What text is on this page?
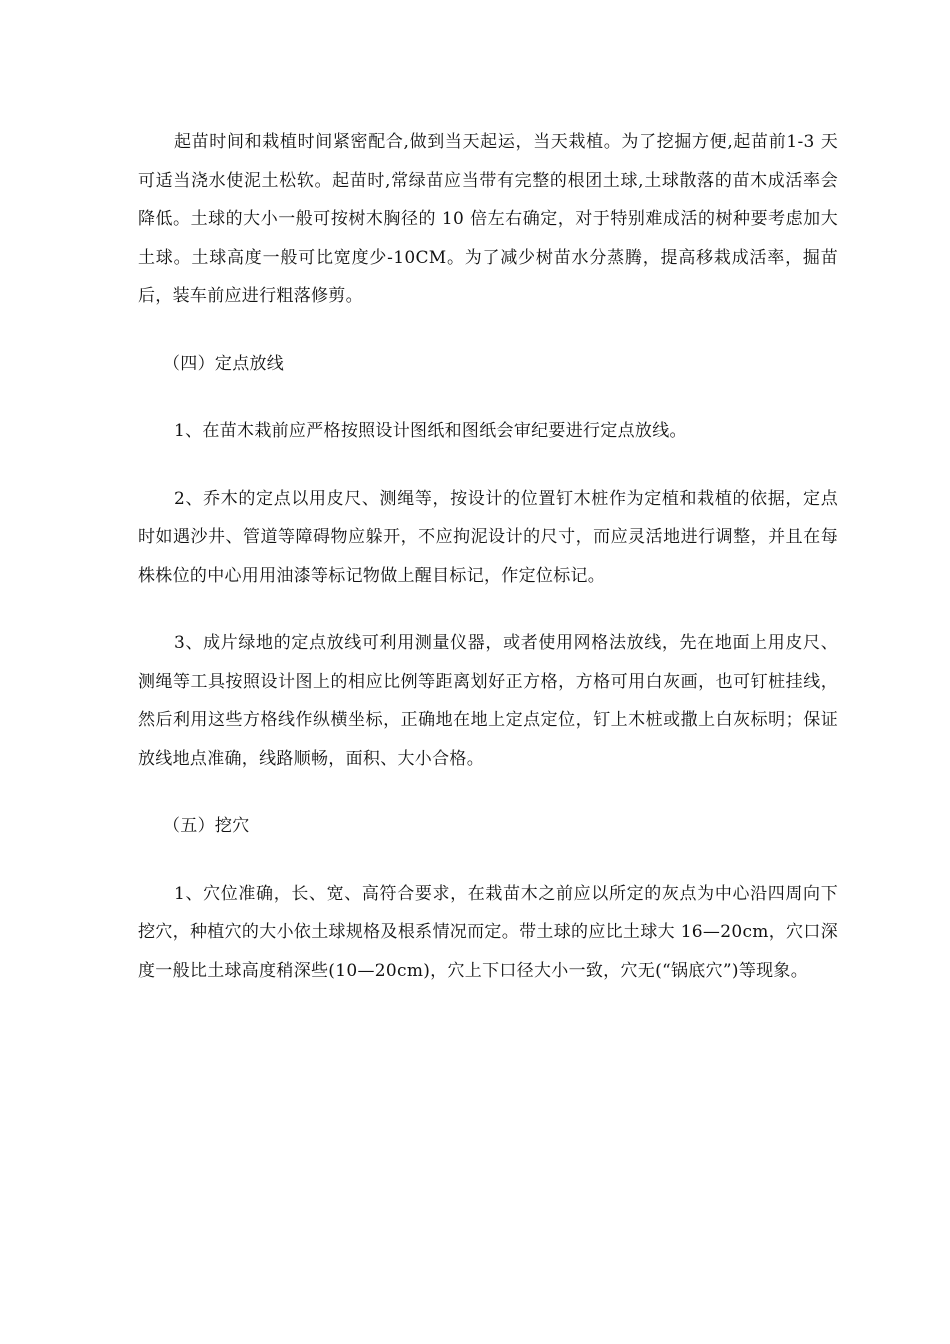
起苗时间和栽植时间紧密配合,做到当天起运，当天栽植。为了挖掘方便,起苗前1-3 天可适当浇水使泥土松软。起苗时,常绿苗应当带有完整的根团土球,土球散落的苗木成活率会降低。土球的大小一般可按树木胸径的 10 倍左右确定，对于特别难成活的树种要考虑加大土球。土球高度一般可比宽度少-10CM。为了减少树苗水分蒸腾，提高移栽成活率，掘苗后，装车前应进行粗落修剪。

（四）定点放线

1、在苗木栽前应严格按照设计图纸和图纸会审纪要进行定点放线。

2、乔木的定点以用皮尺、测绳等，按设计的位置钉木桩作为定植和栽植的依据，定点时如遇沙井、管道等障碍物应躲开，不应拘泥设计的尺寸，而应灵活地进行调整，并且在每株株位的中心用用油漆等标记物做上醒目标记，作定位标记。

3、成片绿地的定点放线可利用测量仪器，或者使用网格法放线，先在地面上用皮尺、测绳等工具按照设计图上的相应比例等距离划好正方格，方格可用白灰画，也可钉桩挂线，然后利用这些方格线作纵横坐标，正确地在地上定点定位，钉上木桩或撒上白灰标明；保证放线地点准确，线路顺畅，面积、大小合格。

（五）挖穴

1、穴位准确，长、宽、高符合要求，在栽苗木之前应以所定的灰点为中心沿四周向下挖穴，种植穴的大小依土球规格及根系情况而定。带土球的应比土球大 16—20cm，穴口深度一般比土球高度稍深些(10—20cm)，穴上下口径大小一致，穴无(“锅底穴”)等现象。
